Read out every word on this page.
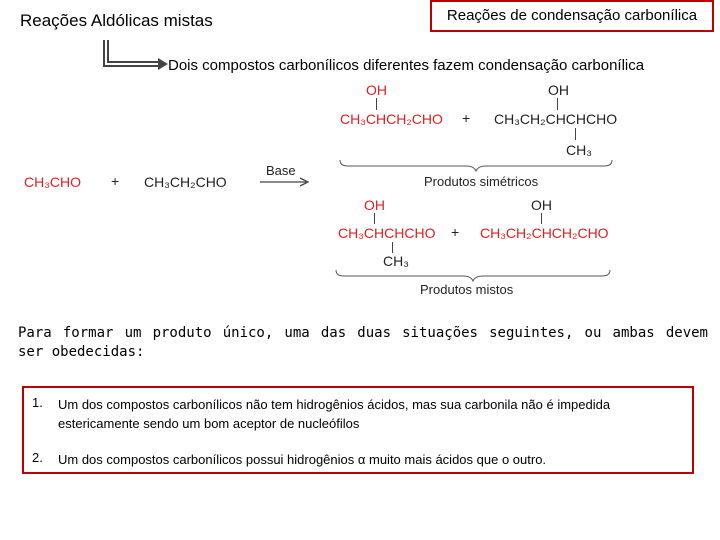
Reações Aldólicas mistas	Reações de condensação carbonílica
Dois compostos carbonílicos diferentes fazem condensação carbonílica
CH₃CHO + CH₃CH₂CHO
Base
OH
CH₃CHCH₂CHO +
OH
CH₃CH₂CHCHCHO
CH₃
Produtos simétricos
OH
CH₃CHCHCHO
CH₃
+
OH
CH₃CH₂CHCH₂CHO
Produtos mistos
Para formar um produto único, uma das duas situações seguintes, ou ambas devem ser obedecidas:
1. Um dos compostos carbonílicos não tem hidrogênios ácidos, mas sua carbonila não é impedida estericamente sendo um bom aceptor de nucleófilos
2. Um dos compostos carbonílicos possui hidrogênios α muito mais ácidos que o outro.
